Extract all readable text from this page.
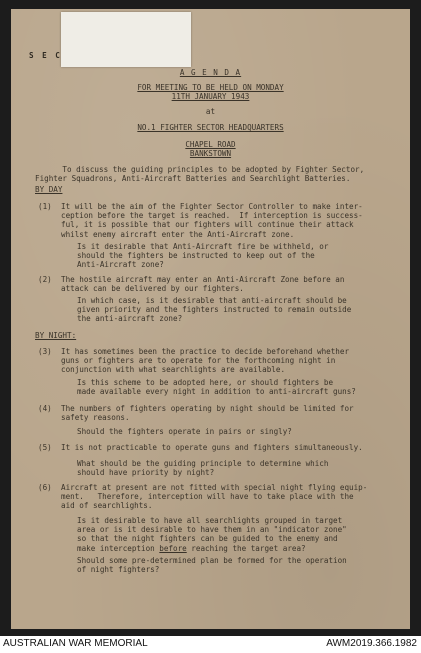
S E C
A G E N D A
FOR MEETING TO BE HELD ON MONDAY
11TH JANUARY 1943
at
NO.1 FIGHTER SECTOR HEADQUARTERS
CHAPEL ROAD
BANKSTOWN
To discuss the guiding principles to be adopted by Fighter Sector,
Fighter Squadrons, Anti-Aircraft Batteries and Searchlight Batteries.
BY DAY
(1) It will be the aim of the Fighter Sector Controller to make inter-
ception before the target is reached.  If interception is success-
ful, it is possible that our fighters will continue their attack
whilst enemy aircraft enter the Anti-Aircraft zone.
Is it desirable that Anti-Aircraft fire be withheld, or
should the fighters be instructed to keep out of the
Anti-Aircraft zone?
(2) The hostile aircraft may enter an Anti-Aircraft Zone before an
attack can be delivered by our fighters.
In which case, is it desirable that anti-aircraft should be
given priority and the fighters instructed to remain outside
the anti-aircraft zone?
BY NIGHT:
(3) It has sometimes been the practice to decide beforehand whether
guns or fighters are to operate for the forthcoming night in
conjunction with what searchlights are available.
Is this scheme to be adopted here, or should fighters be
made available every night in addition to anti-aircraft guns?
(4) The numbers of fighters operating by night should be limited for
safety reasons.
Should the fighters operate in pairs or singly?
(5) It is not practicable to operate guns and fighters simultaneously.
What should be the guiding principle to determine which
should have priority by night?
(6) Aircraft at present are not fitted with special night flying equip-
ment.   Therefore, interception will have to take place with the
aid of searchlights.
Is it desirable to have all searchlights grouped in target
area or is it desirable to have them in an "indicator zone"
so that the night fighters can be guided to the enemy and
make interception before reaching the target area?
Should some pre-determined plan be formed for the operation
of night fighters?
AUSTRALIAN WAR MEMORIAL	AWM2019.366.1982
